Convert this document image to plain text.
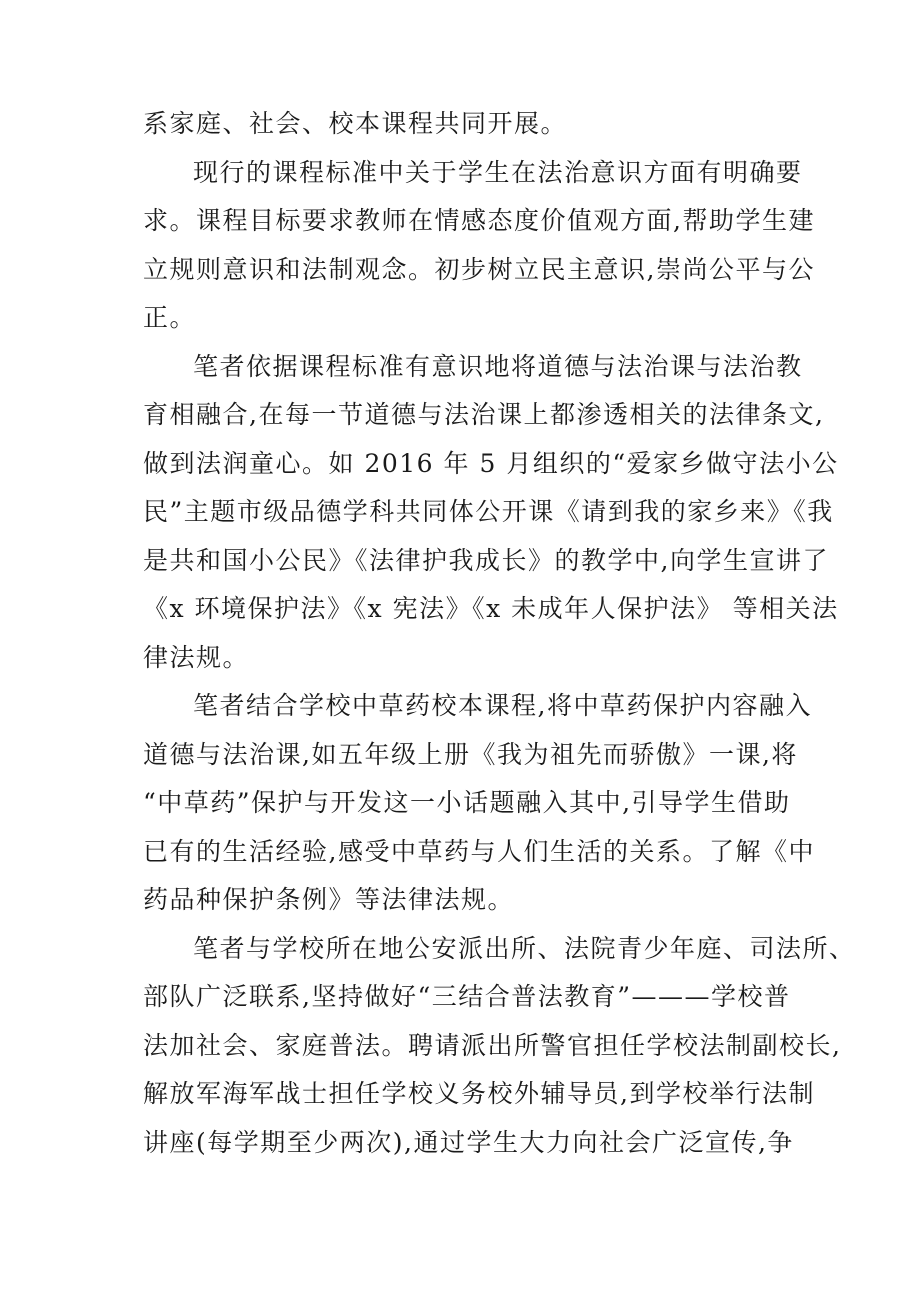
系家庭、社会、校本课程共同开展。
现行的课程标准中关于学生在法治意识方面有明确要
求。课程目标要求教师在情感态度价值观方面,帮助学生建
立规则意识和法制观念。初步树立民主意识,崇尚公平与公
正。
笔者依据课程标准有意识地将道德与法治课与法治教
育相融合,在每一节道德与法治课上都渗透相关的法律条文,
做到法润童心。如 2016 年 5 月组织的“爱家乡做守法小公
民”主题市级品德学科共同体公开课《请到我的家乡来》《我
是共和国小公民》《法律护我成长》的教学中,向学生宣讲了
《x 环境保护法》《x 宪法》《x 未成年人保护法》 等相关法
律法规。
笔者结合学校中草药校本课程,将中草药保护内容融入
道德与法治课,如五年级上册《我为祖先而骄傲》一课,将
“中草药”保护与开发这一小话题融入其中,引导学生借助
已有的生活经验,感受中草药与人们生活的关系。了解《中
药品种保护条例》等法律法规。
笔者与学校所在地公安派出所、法院青少年庭、司法所、
部队广泛联系,坚持做好“三结合普法教育”———学校普
法加社会、家庭普法。聘请派出所警官担任学校法制副校长,
解放军海军战士担任学校义务校外辅导员,到学校举行法制
讲座(每学期至少两次),通过学生大力向社会广泛宣传,争
